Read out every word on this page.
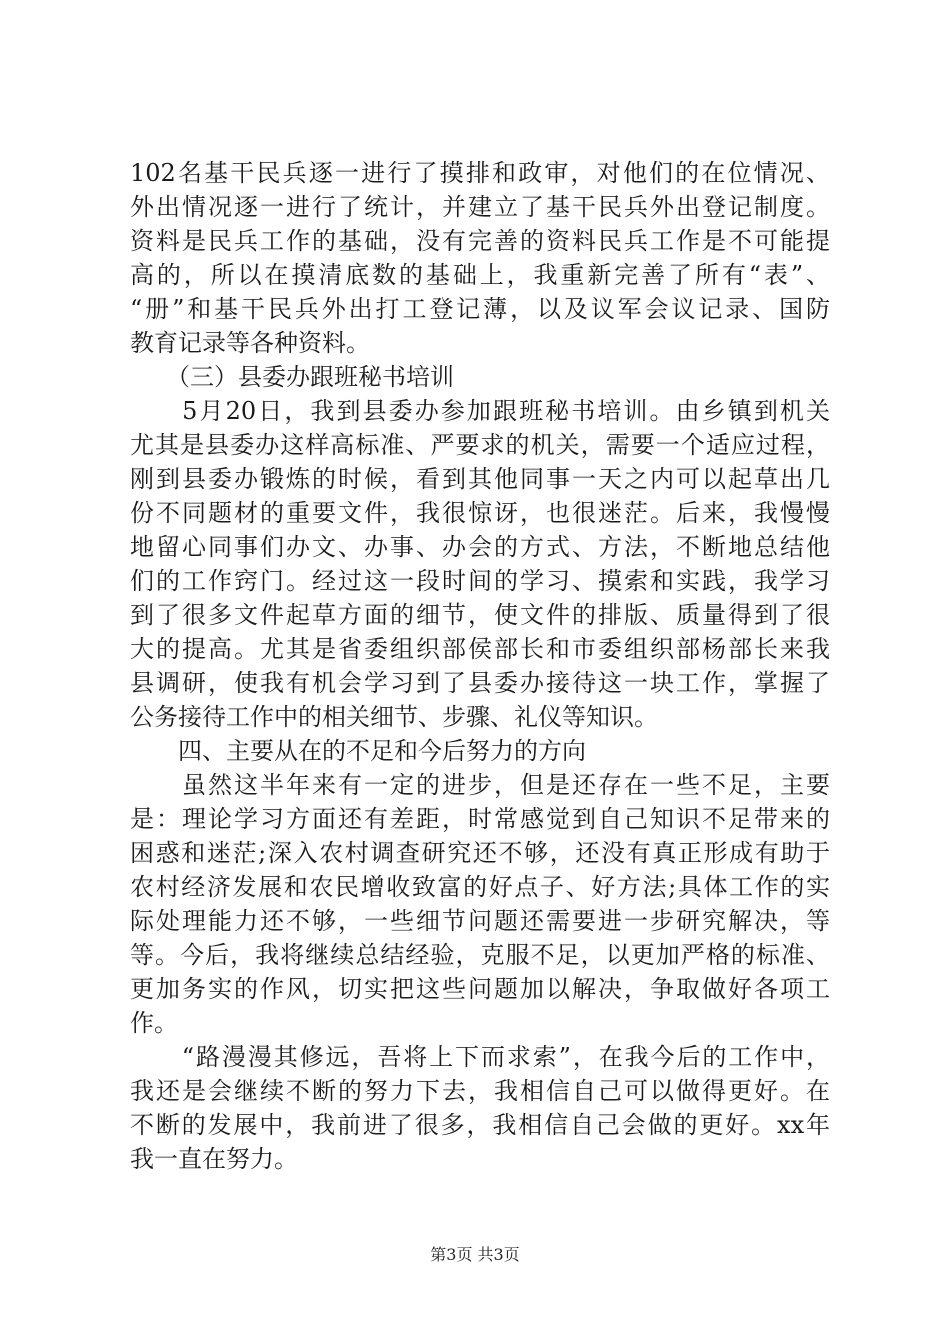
102名基干民兵逐一进行了摸排和政审，对他们的在位情况、
外出情况逐一进行了统计，并建立了基干民兵外出登记制度。
资料是民兵工作的基础，没有完善的资料民兵工作是不可能提
高的，所以在摸清底数的基础上，我重新完善了所有“表”、
“册”和基干民兵外出打工登记薄，以及议军会议记录、国防
教育记录等各种资料。
　　（三）县委办跟班秘书培训
　　5月20日，我到县委办参加跟班秘书培训。由乡镇到机关
尤其是县委办这样高标准、严要求的机关，需要一个适应过程，
刚到县委办锻炼的时候，看到其他同事一天之内可以起草出几
份不同题材的重要文件，我很惊讶，也很迷茫。后来，我慢慢
地留心同事们办文、办事、办会的方式、方法，不断地总结他
们的工作窍门。经过这一段时间的学习、摸索和实践，我学习
到了很多文件起草方面的细节，使文件的排版、质量得到了很
大的提高。尤其是省委组织部侯部长和市委组织部杨部长来我
县调研，使我有机会学习到了县委办接待这一块工作，掌握了
公务接待工作中的相关细节、步骤、礼仪等知识。
　　四、主要从在的不足和今后努力的方向
　　虽然这半年来有一定的进步，但是还存在一些不足，主要
是：理论学习方面还有差距，时常感觉到自己知识不足带来的
困惑和迷茫;深入农村调查研究还不够，还没有真正形成有助于
农村经济发展和农民增收致富的好点子、好方法;具体工作的实
际处理能力还不够，一些细节问题还需要进一步研究解决，等
等。今后，我将继续总结经验，克服不足，以更加严格的标准、
更加务实的作风，切实把这些问题加以解决，争取做好各项工
作。
　　“路漫漫其修远，吾将上下而求索”，在我今后的工作中，
我还是会继续不断的努力下去，我相信自己可以做得更好。在
不断的发展中，我前进了很多，我相信自己会做的更好。xx年
我一直在努力。
第3页 共3页
